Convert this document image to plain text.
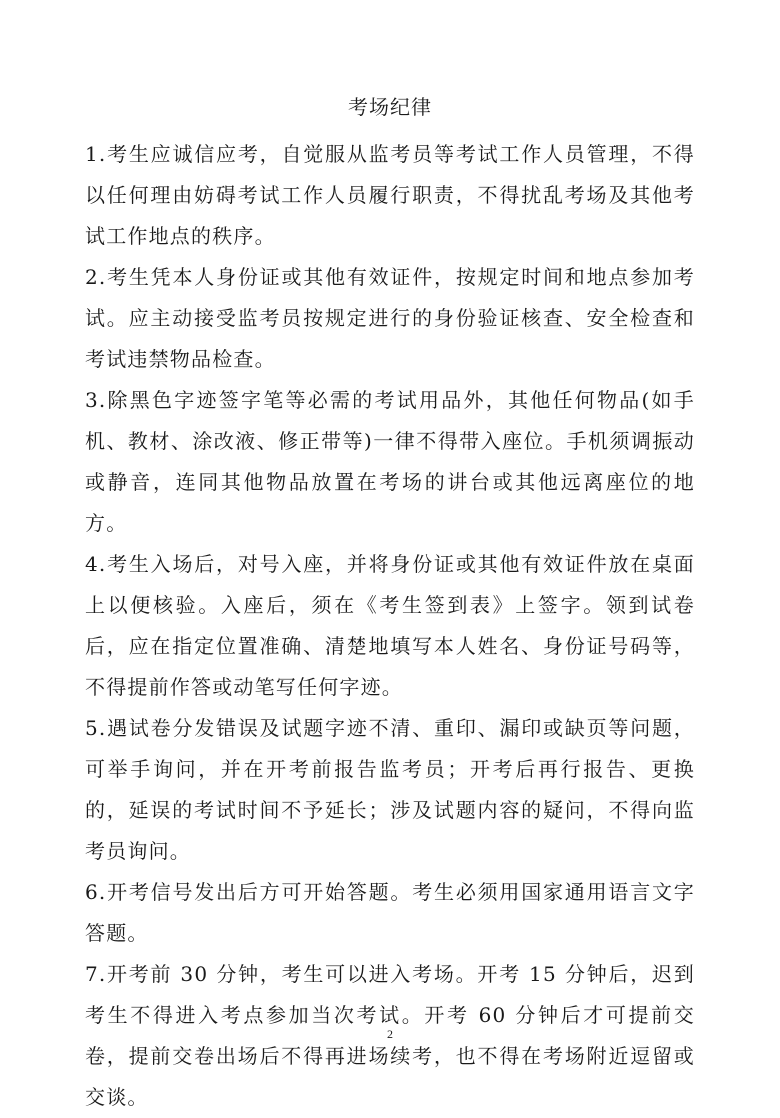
考场纪律

1.考生应诚信应考，自觉服从监考员等考试工作人员管理，不得以任何理由妨碍考试工作人员履行职责，不得扰乱考场及其他考试工作地点的秩序。

2.考生凭本人身份证或其他有效证件，按规定时间和地点参加考试。应主动接受监考员按规定进行的身份验证核查、安全检查和考试违禁物品检查。

3.除黑色字迹签字笔等必需的考试用品外，其他任何物品(如手机、教材、涂改液、修正带等)一律不得带入座位。手机须调振动或静音，连同其他物品放置在考场的讲台或其他远离座位的地方。

4.考生入场后，对号入座，并将身份证或其他有效证件放在桌面上以便核验。入座后，须在《考生签到表》上签字。领到试卷后，应在指定位置准确、清楚地填写本人姓名、身份证号码等，不得提前作答或动笔写任何字迹。

5.遇试卷分发错误及试题字迹不清、重印、漏印或缺页等问题，可举手询问，并在开考前报告监考员；开考后再行报告、更换的，延误的考试时间不予延长；涉及试题内容的疑问，不得向监考员询问。

6.开考信号发出后方可开始答题。考生必须用国家通用语言文字答题。

7.开考前 30 分钟，考生可以进入考场。开考 15 分钟后，迟到考生不得进入考点参加当次考试。开考 60 分钟后才可提前交卷，提前交卷出场后不得再进场续考，也不得在考场附近逗留或交谈。

2
